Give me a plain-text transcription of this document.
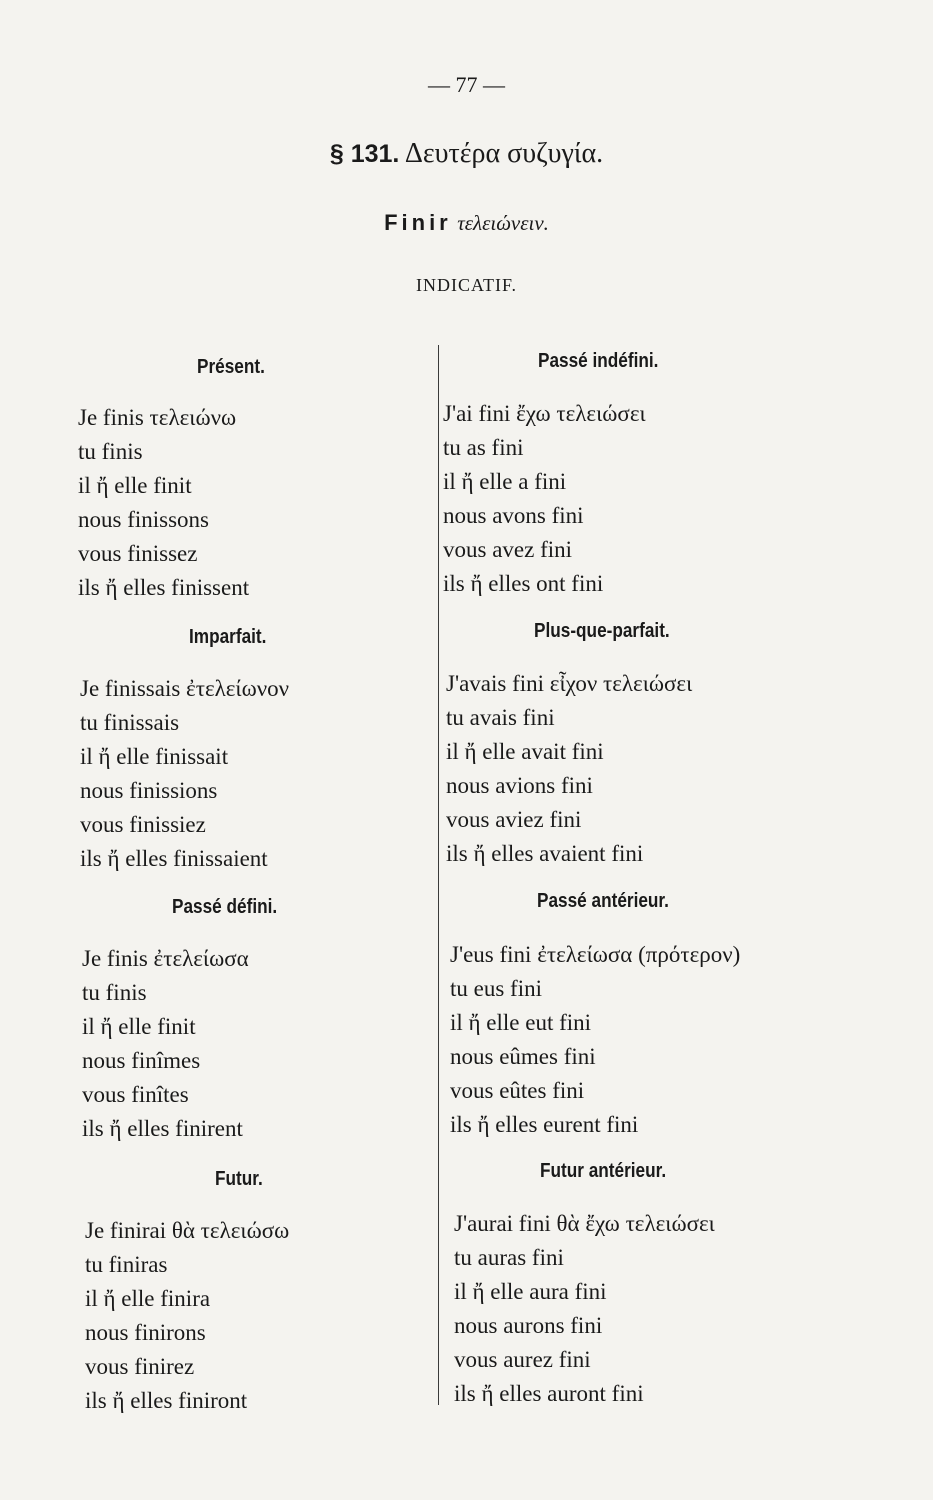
— 77 —
§ 131. Δευτέρα συζυγία.
Finir τελειώνειν.
INDICATIF.
Présent.
Je finis τελειώνω
tu finis
il ἤ elle finit
nous finissons
vous finissez
ils ἤ elles finissent
Imparfait.
Je finissais ἐτελείωνον
tu finissais
il ἤ elle finissait
nous finissions
vous finissiez
ils ἤ elles finissaient
Passé défini.
Je finis ἐτελείωσα
tu finis
il ἤ elle finit
nous finîmes
vous finîtes
ils ἤ elles finirent
Futur.
Je finirai θὰ τελειώσω
tu finiras
il ἤ elle finira
nous finirons
vous finirez
ils ἤ elles finiront
Passé indéfini.
J'ai fini ἔχω τελειώσει
tu as fini
il ἤ elle a fini
nous avons fini
vous avez fini
ils ἤ elles ont fini
Plus-que-parfait.
J'avais fini εἶχον τελειώσει
tu avais fini
il ἤ elle avait fini
nous avions fini
vous aviez fini
ils ἤ elles avaient fini
Passé antérieur.
J'eus fini ἐτελείωσα (πρότερον)
tu eus fini
il ἤ elle eut fini
nous eûmes fini
vous eûtes fini
ils ἤ elles eurent fini
Futur antérieur.
J'aurai fini θὰ ἔχω τελειώσει
tu auras fini
il ἤ elle aura fini
nous aurons fini
vous aurez fini
ils ἤ elles auront fini
